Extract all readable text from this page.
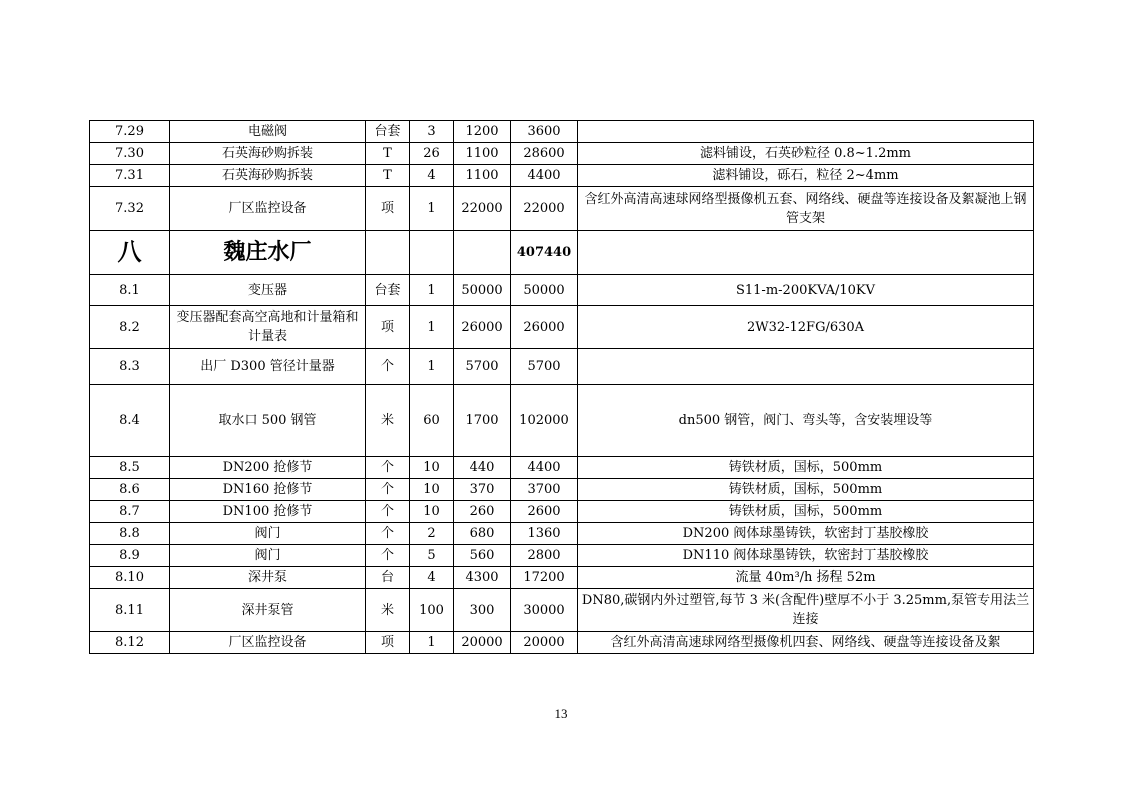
7.29	电磁阀	台套	3	1200	3600	
7.30	石英海砂购拆装	T	26	1100	28600	滤料铺设，石英砂粒径 0.8~1.2mm
7.31	石英海砂购拆装	T	4	1100	4400	滤料铺设，砾石，粒径 2~4mm
7.32	厂区监控设备	项	1	22000	22000	含红外高清高速球网络型摄像机五套、网络线、硬盘等连接设备及絮凝池上钢管支架
八	魏庄水厂				407440	
8.1	变压器	台套	1	50000	50000	S11-m-200KVA/10KV
8.2	变压器配套高空高地和计量箱和计量表	项	1	26000	26000	2W32-12FG/630A
8.3	出厂 D300 管径计量器	个	1	5700	5700	
8.4	取水口 500 钢管	米	60	1700	102000	dn500 钢管，阀门、弯头等，含安装埋设等
8.5	DN200 抢修节	个	10	440	4400	铸铁材质，国标，500mm
8.6	DN160 抢修节	个	10	370	3700	铸铁材质，国标，500mm
8.7	DN100 抢修节	个	10	260	2600	铸铁材质，国标，500mm
8.8	阀门	个	2	680	1360	DN200 阀体球墨铸铁，软密封丁基胶橡胶
8.9	阀门	个	5	560	2800	DN110 阀体球墨铸铁，软密封丁基胶橡胶
8.10	深井泵	台	4	4300	17200	流量 40m³/h 扬程 52m
8.11	深井泵管	米	100	300	30000	DN80,碳钢内外过塑管,每节 3 米(含配件)壁厚不小于 3.25mm,泵管专用法兰连接
8.12	厂区监控设备	项	1	20000	20000	含红外高清高速球网络型摄像机四套、网络线、硬盘等连接设备及絮
13
